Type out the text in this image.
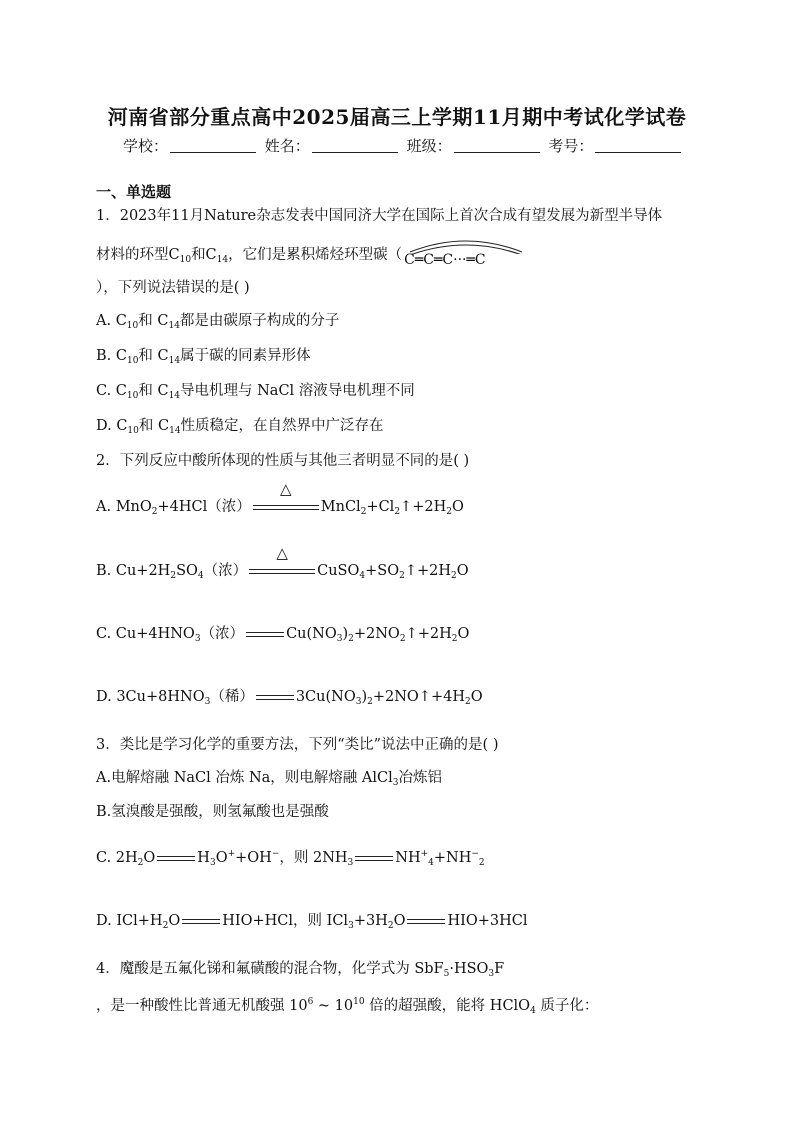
河南省部分重点高中2025届高三上学期11月期中考试化学试卷
学校：	姓名：	班级：	考号：
一、单选题
1．2023年11月Nature杂志发表中国同济大学在国际上首次合成有望发展为新型半导体
材料的环型$C_{10}$和$C_{14}$，它们是累积烯烃环型碳（ C═C═C···═C
），下列说法错误的是( )
A. $C_{10}$和 $C_{14}$都是由碳原子构成的分子
B. $C_{10}$和 $C_{14}$属于碳的同素异形体
C. $C_{10}$和 $C_{14}$导电机理与 NaCl 溶液导电机理不同
D. $C_{10}$和 $C_{14}$性质稳定，在自然界中广泛存在
2．下列反应中酸所体现的性质与其他三者明显不同的是( )
A. MnO$_2$+4HCl（浓）
△
$MnCl_2+Cl_2↑+2H_2O$
B. $Cu+2H_2SO_4$（浓）
△
$CuSO_4+SO_2↑+2H_2O$
C. $Cu+4HNO_3$（浓）	$Cu(NO_3)_2+2NO_2↑+2H_2O$
D. $3Cu+8HNO_3$（稀）	$3Cu(NO_3)_2+2NO↑+4H_2O$
3．类比是学习化学的重要方法，下列“类比”说法中正确的是( )
A.电解熔融 NaCl 冶炼 Na，则电解熔融 AlCl$_3$冶炼铝
B.氢溴酸是强酸，则氢氟酸也是强酸
C. $2H_2O$	$H_3O^++OH^-$，则 $2NH_3$	$NH^+_4+NH^-_2$
D. $ICl+H_2O$	HIO+HCl，则 $ICl_3+3H_2O$	HIO+3HCl
4．魔酸是五氟化锑和氟磺酸的混合物，化学式为 $SbF_5\cdot HSO_3F$
，是一种酸性比普通无机酸强 $10^6$ ~ $10^{10}$ 倍的超强酸，能将 HClO$_4$ 质子化：
